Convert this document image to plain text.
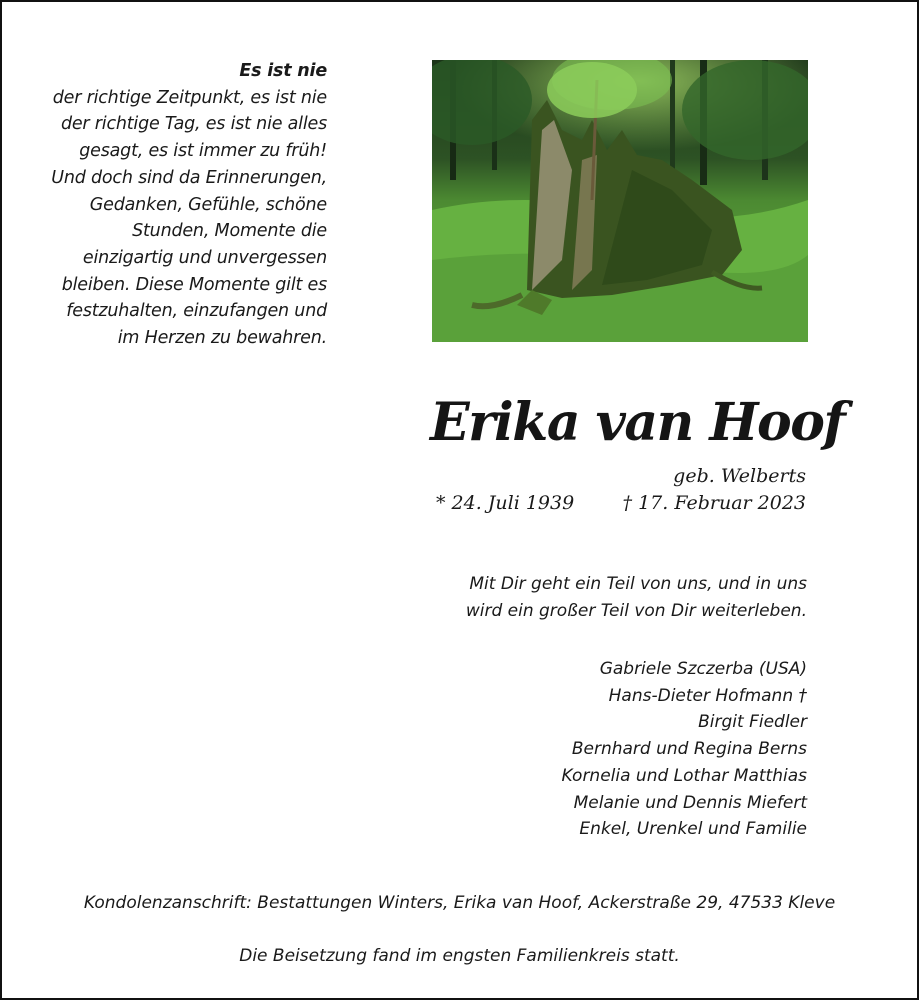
Es ist nie
der richtige Zeitpunkt, es ist nie
der richtige Tag, es ist nie alles
gesagt, es ist immer zu früh!
Und doch sind da Erinnerungen,
Gedanken, Gefühle, schöne
Stunden, Momente die
einzigartig und unvergessen
bleiben. Diese Momente gilt es
festzuhalten, einzufangen und
im Herzen zu bewahren.
Erika van Hoof
geb. Welberts
* 24. Juli 1939	† 17. Februar 2023
Mit Dir geht ein Teil von uns, und in uns
wird ein großer Teil von Dir weiterleben.
Gabriele Szczerba (USA)
Hans-Dieter Hofmann †
Birgit Fiedler
Bernhard und Regina Berns
Kornelia und Lothar Matthias
Melanie und Dennis Miefert
Enkel, Urenkel und Familie
Kondolenzanschrift: Bestattungen Winters, Erika van Hoof, Ackerstraße 29, 47533 Kleve
Die Beisetzung fand im engsten Familienkreis statt.
